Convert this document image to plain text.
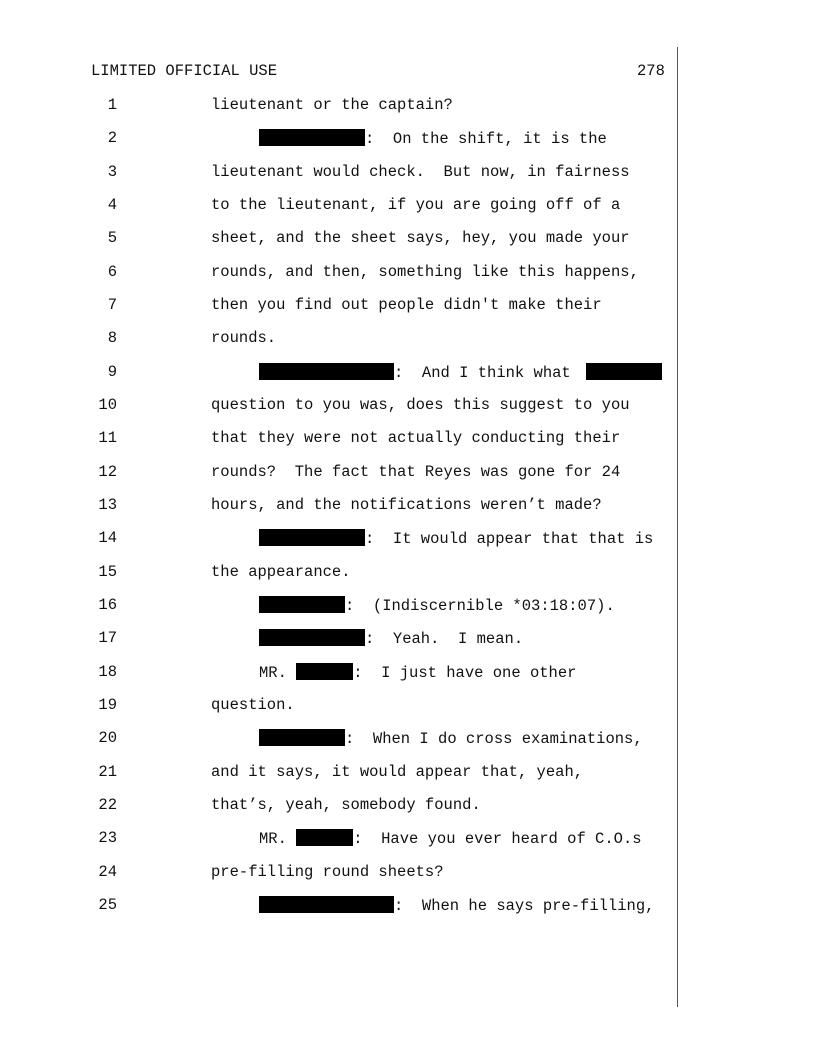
LIMITED OFFICIAL USE	278
1	lieutenant or the captain?
2	:  On the shift, it is the
3	lieutenant would check.  But now, in fairness
4	to the lieutenant, if you are going off of a
5	sheet, and the sheet says, hey, you made your
6	rounds, and then, something like this happens,
7	then you find out people didn't make their
8	rounds.
9	:  And I think what
10	question to you was, does this suggest to you
11	that they were not actually conducting their
12	rounds?  The fact that Reyes was gone for 24
13	hours, and the notifications weren’t made?
14	:  It would appear that that is
15	the appearance.
16	:  (Indiscernible *03:18:07).
17	:  Yeah.  I mean.
18	MR.	:  I just have one other
19	question.
20	:  When I do cross examinations,
21	and it says, it would appear that, yeah,
22	that’s, yeah, somebody found.
23	MR.	:  Have you ever heard of C.O.s
24	pre-filling round sheets?
25	:  When he says pre-filling,
